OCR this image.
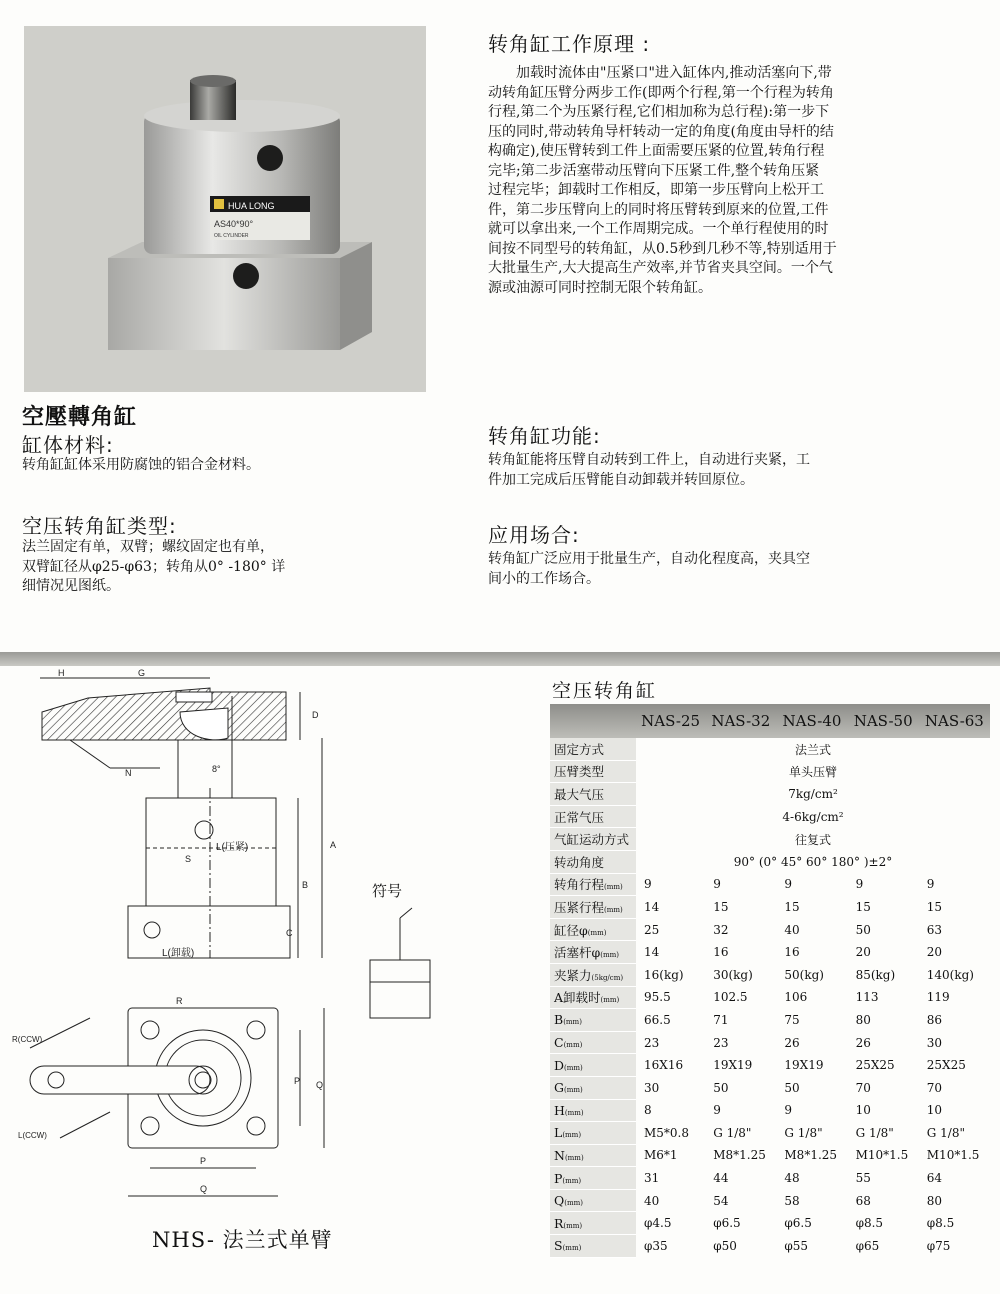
HUA LONG
AS40*90°
OIL CYLINDER
空壓轉角缸
缸体材料:
转角缸缸体采用防腐蚀的铝合金材料。
空压转角缸类型:
法兰固定有单，双臂；螺纹固定也有单，
双臂缸径从φ25-φ63；转角从0° -180° 详
细情况见图纸。
转角缸工作原理 :
加载时流体由"压紧口"进入缸体内,推动活塞向下,带
动转角缸压臂分两步工作(即两个行程,第一个行程为转角
行程,第二个为压紧行程,它们相加称为总行程):第一步下
压的同时,带动转角导杆转动一定的角度(角度由导杆的结
构确定),使压臂转到工件上面需要压紧的位置,转角行程
完毕;第二步活塞带动压臂向下压紧工件,整个转角压紧
过程完毕；卸载时工作相反，即第一步压臂向上松开工
件，第二步压臂向上的同时将压臂转到原来的位置,工件
就可以拿出来,一个工作周期完成。一个单行程使用的时
间按不同型号的转角缸，从0.5秒到几秒不等,特别适用于
大批量生产,大大提高生产效率,并节省夹具空间。一个气
源或油源可同时控制无限个转角缸。
转角缸功能:
转角缸能将压臂自动转到工件上，自动进行夹紧，工
件加工完成后压臂能自动卸载并转回原位。
应用场合:
转角缸广泛应用于批量生产，自动化程度高，夹具空
间小的工作场合。
H	G
D
N	8°
L(压紧)
S
L(卸载)
A
B
C
R
R(CCW)
L(CCW)
P
Q
P Q
符号
NHS- 法兰式单臂
空压转角缸
	NAS-25	NAS-32	NAS-40	NAS-50	NAS-63
固定方式	法兰式				
压臂类型	单头压臂				
最大气压	7kg/cm²				
正常气压	4-6kg/cm²				
气缸运动方式	往复式				
转动角度	90° (0° 45° 60° 180° )±2°				
转角行程(mm)	9	9	9	9	9
压紧行程(mm)	14	15	15	15	15
缸径φ(mm)	25	32	40	50	63
活塞杆φ(mm)	14	16	16	20	20
夹紧力(5kg/cm)	16(kg)	30(kg)	50(kg)	85(kg)	140(kg)
A卸载时(mm)	95.5	102.5	106	113	119
B(mm)	66.5	71	75	80	86
C(mm)	23	23	26	26	30
D(mm)	16X16	19X19	19X19	25X25	25X25
G(mm)	30	50	50	70	70
H(mm)	8	9	9	10	10
L(mm)	M5*0.8	G 1/8"	G 1/8"	G 1/8"	G 1/8"
N(mm)	M6*1	M8*1.25	M8*1.25	M10*1.5	M10*1.5
P(mm)	31	44	48	55	64
Q(mm)	40	54	58	68	80
R(mm)	φ4.5	φ6.5	φ6.5	φ8.5	φ8.5
S(mm)	φ35	φ50	φ55	φ65	φ75
